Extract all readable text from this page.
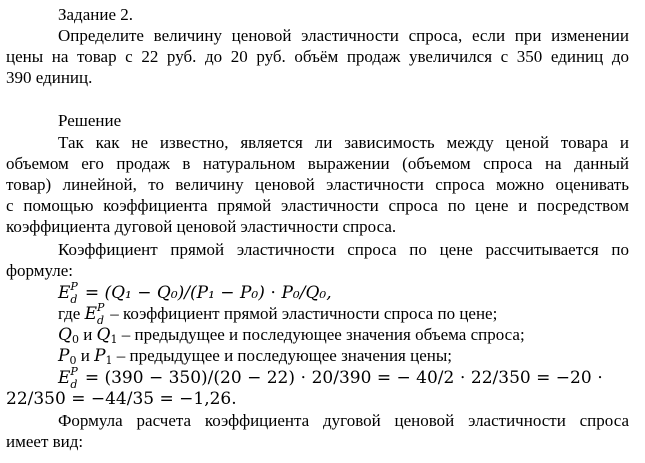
Задание 2.
Определите величину ценовой эластичности спроса, если при изменении
цены на товар с 22 руб. до 20 руб. объём продаж увеличился с 350 единиц до
390 единиц.
Решение
Так как не известно, является ли зависимость между ценой товара и
объемом его продаж в натуральном выражении (объемом спроса на данный
товар) линейной, то величину ценовой эластичности спроса можно оценивать
с помощью коэффициента прямой эластичности спроса по цене и посредством
коэффициента дуговой ценовой эластичности спроса.
Коэффициент прямой эластичности спроса по цене рассчитывается по
формуле:
E P
d = (Q₁ − Q₀)/(P₁ − P₀) ⋅ P₀/Q₀,
где E P
d – коэффициент прямой эластичности спроса по цене;
$Q_0$ и $Q_1$ – предыдущее и последующее значения объема спроса;
$P_0$ и $P_1$ – предыдущее и последующее значения цены;
E P
d = (390 − 350)/(20 − 22) ⋅ 20/390 = − 40/2 ⋅ 22/350 = −20 ⋅
22/350 = −44/35 = −1,26.
Формула расчета коэффициента дуговой ценовой эластичности спроса
имеет вид:
